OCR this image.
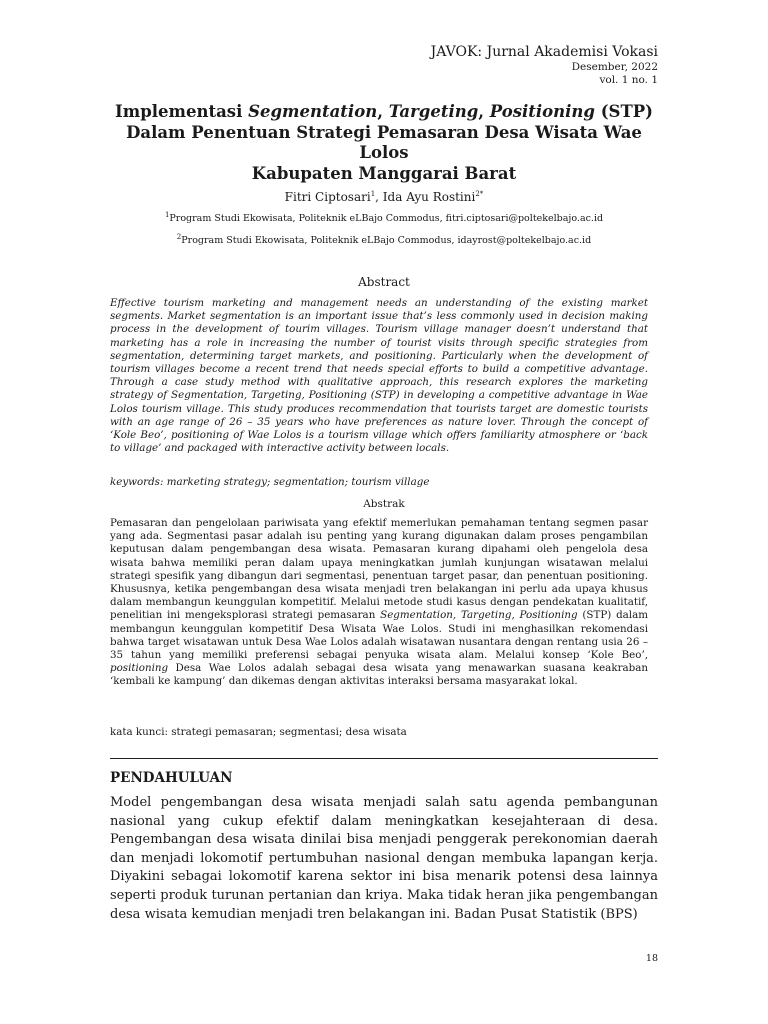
JAVOK: Jurnal Akademisi Vokasi
Desember, 2022
vol. 1 no. 1
Implementasi Segmentation, Targeting, Positioning (STP)
Dalam Penentuan Strategi Pemasaran Desa Wisata Wae Lolos
Kabupaten Manggarai Barat
Fitri Ciptosari$^1$, Ida Ayu Rostini$^{2*}$
$^1$Program Studi Ekowisata, Politeknik eLBajo Commodus, fitri.ciptosari@poltekelbajo.ac.id
$^2$Program Studi Ekowisata, Politeknik eLBajo Commodus, idayrost@poltekelbajo.ac.id
Abstract
Effective tourism marketing and management needs an understanding of the existing market segments. Market segmentation is an important issue that’s less commonly used in decision making process in the development of tourim villages. Tourism village manager doesn’t understand that marketing has a role in increasing the number of tourist visits through specific strategies from segmentation, determining target markets, and positioning. Particularly when the development of tourism villages become a recent trend that needs special efforts to build a competitive advantage. Through a case study method with qualitative approach, this research explores the marketing strategy of Segmentation, Targeting, Positioning (STP) in developing a competitive advantage in Wae Lolos tourism village. This study produces recommendation that tourists target are domestic tourists with an age range of 26 – 35 years who have preferences as nature lover. Through the concept of ‘Kole Beo’, positioning of Wae Lolos is a tourism village which offers familiarity atmosphere or ‘back to village’ and packaged with interactive activity between locals.
keywords: marketing strategy; segmentation; tourism village
Abstrak
Pemasaran dan pengelolaan pariwisata yang efektif memerlukan pemahaman tentang segmen pasar yang ada. Segmentasi pasar adalah isu penting yang kurang digunakan dalam proses pengambilan keputusan dalam pengembangan desa wisata. Pemasaran kurang dipahami oleh pengelola desa wisata bahwa memiliki peran dalam upaya meningkatkan jumlah kunjungan wisatawan melalui strategi spesifik yang dibangun dari segmentasi, penentuan target pasar, dan penentuan positioning. Khususnya, ketika pengembangan desa wisata menjadi tren belakangan ini perlu ada upaya khusus dalam membangun keunggulan kompetitif. Melalui metode studi kasus dengan pendekatan kualitatif, penelitian ini mengeksplorasi strategi pemasaran Segmentation, Targeting, Positioning (STP) dalam membangun keunggulan kompetitif Desa Wisata Wae Lolos. Studi ini menghasilkan rekomendasi bahwa target wisatawan untuk Desa Wae Lolos adalah wisatawan nusantara dengan rentang usia 26 – 35 tahun yang memiliki preferensi sebagai penyuka wisata alam. Melalui konsep ‘Kole Beo’, positioning Desa Wae Lolos adalah sebagai desa wisata yang menawarkan suasana keakraban ‘kembali ke kampung’ dan dikemas dengan aktivitas interaksi bersama masyarakat lokal.
kata kunci: strategi pemasaran; segmentasi; desa wisata
PENDAHULUAN
Model pengembangan desa wisata menjadi salah satu agenda pembangunan nasional yang cukup efektif dalam meningkatkan kesejahteraan di desa. Pengembangan desa wisata dinilai bisa menjadi penggerak perekonomian daerah dan menjadi lokomotif pertumbuhan nasional dengan membuka lapangan kerja. Diyakini sebagai lokomotif karena sektor ini bisa menarik potensi desa lainnya seperti produk turunan pertanian dan kriya. Maka tidak heran jika pengembangan desa wisata kemudian menjadi tren belakangan ini. Badan Pusat Statistik (BPS)
18
